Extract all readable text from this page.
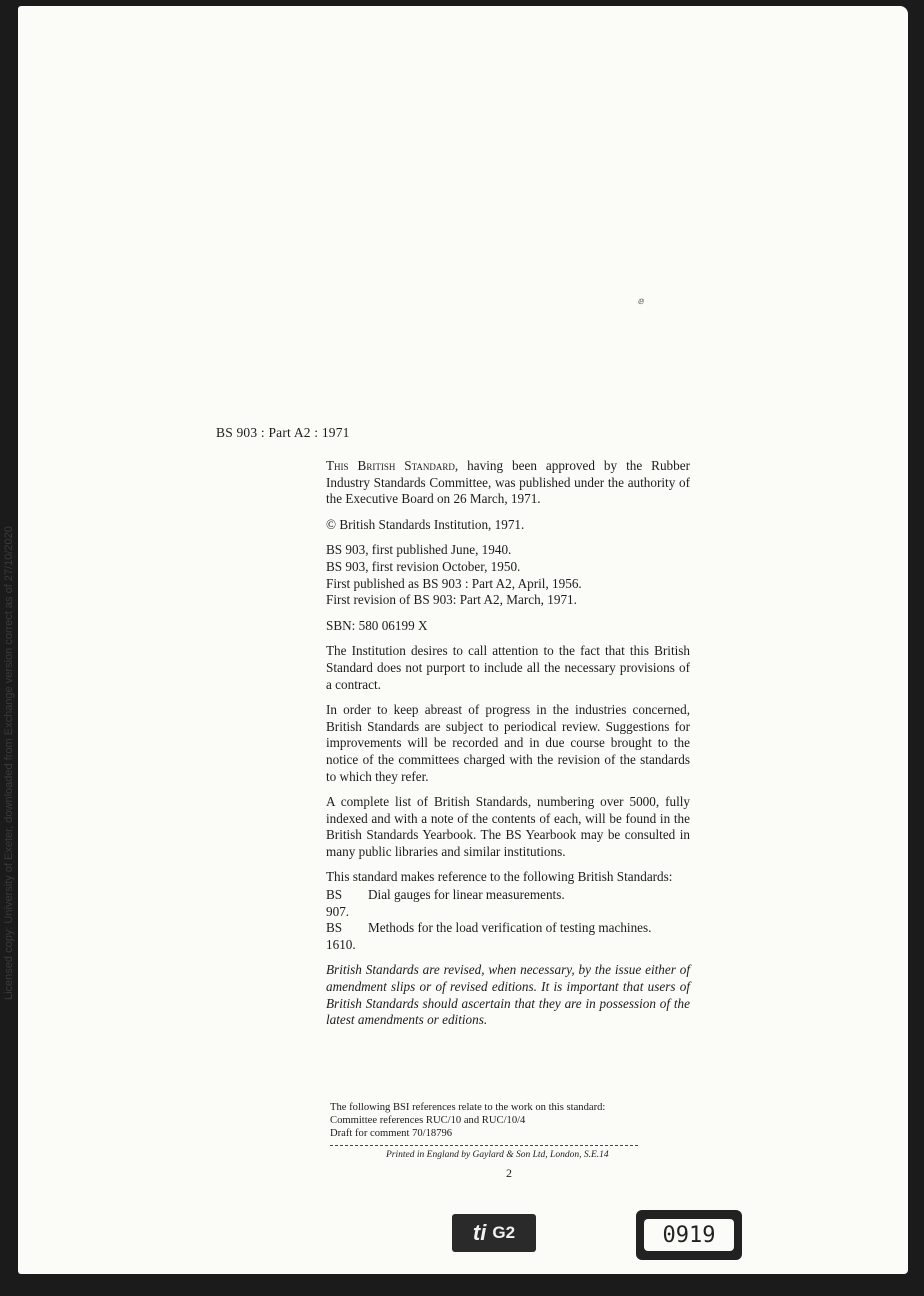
Licensed copy: University of Exeter, downloaded from Exchange version correct as of 27/10/2020
ⅇ
BS 903 : Part A2 : 1971

This British Standard, having been approved by the Rubber Industry Standards Committee, was published under the authority of the Executive Board on 26 March, 1971.

© British Standards Institution, 1971.

BS 903, first published June, 1940.

BS 903, first revision October, 1950.

First published as BS 903 : Part A2, April, 1956.

First revision of BS 903: Part A2, March, 1971.

SBN: 580 06199 X

The Institution desires to call attention to the fact that this British Standard does not purport to include all the necessary provisions of a contract.

In order to keep abreast of progress in the industries concerned, British Standards are subject to periodical review. Suggestions for improvements will be recorded and in due course brought to the notice of the committees charged with the revision of the standards to which they refer.

A complete list of British Standards, numbering over 5000, fully indexed and with a note of the contents of each, will be found in the British Standards Yearbook. The BS Yearbook may be consulted in many public libraries and similar institutions.

This standard makes reference to the following British Standards:

BS 907.
Dial gauges for linear measurements.
BS 1610.
Methods for the load verification of testing machines.

British Standards are revised, when necessary, by the issue either of amendment slips or of revised editions. It is important that users of British Standards should ascertain that they are in possession of the latest amendments or editions.

The following BSI references relate to the work on this standard:
Committee references RUC/10 and RUC/10/4
Draft for comment 70/18796
Printed in England by Gaylard & Son Ltd, London, S.E.14
2
ti G2	0919
